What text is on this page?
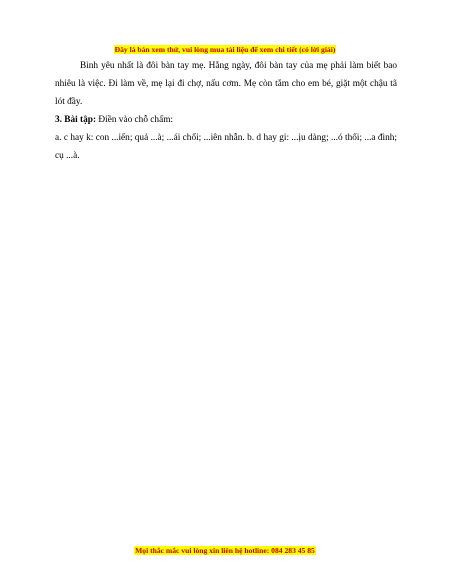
Đây là bản xem thử, vui lòng mua tài liệu để xem chi tiết (có lời giải)

Bình yêu nhất là đôi bàn tay mẹ. Hằng ngày, đôi bàn tay của mẹ phải làm biết bao nhiêu là việc. Đi làm về, mẹ lại đi chợ, nấu cơm. Mẹ còn tắm cho em bé, giặt một chậu tã lót đầy.

3. Bài tập: Điền vào chỗ chấm:

a. c hay k: con ...iến; quả ...à; ...ái chổi; ...iên nhẫn. b. d hay gi: ...ịu dàng; ...ó thổi; ...a đình; cụ ...à.

Mọi thắc mắc vui lòng xin liên hệ hotline: 084 283 45 85
